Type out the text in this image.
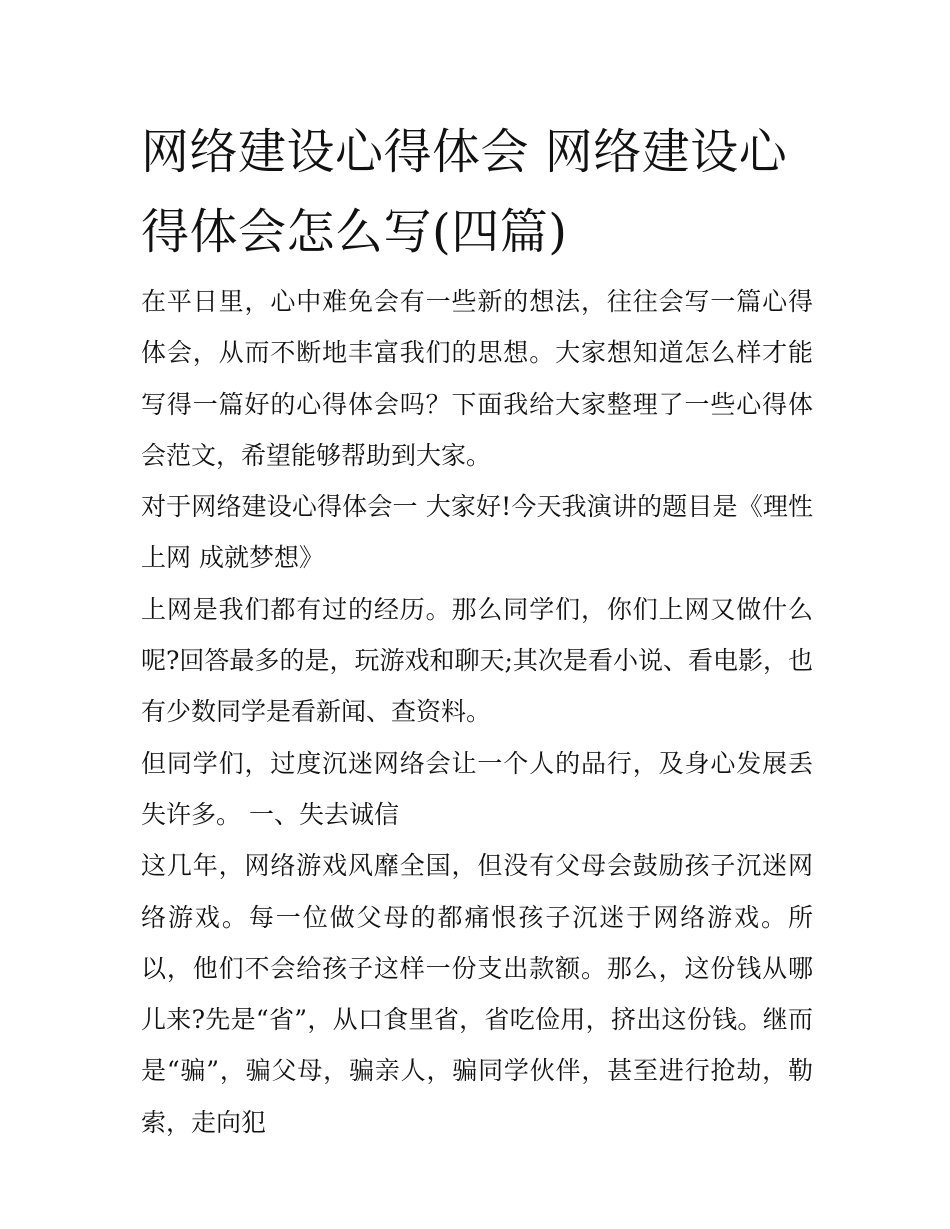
网络建设心得体会 网络建设心得体会怎么写(四篇)

在平日里，心中难免会有一些新的想法，往往会写一篇心得体会，从而不断地丰富我们的思想。大家想知道怎么样才能写得一篇好的心得体会吗？下面我给大家整理了一些心得体会范文，希望能够帮助到大家。

对于网络建设心得体会一 大家好!今天我演讲的题目是《理性上网 成就梦想》

上网是我们都有过的经历。那么同学们，你们上网又做什么呢?回答最多的是，玩游戏和聊天;其次是看小说、看电影，也有少数同学是看新闻、查资料。

但同学们，过度沉迷网络会让一个人的品行，及身心发展丢失许多。 一、失去诚信

这几年，网络游戏风靡全国，但没有父母会鼓励孩子沉迷网络游戏。每一位做父母的都痛恨孩子沉迷于网络游戏。所以，他们不会给孩子这样一份支出款额。那么，这份钱从哪儿来?先是“省”，从口食里省，省吃俭用，挤出这份钱。继而是“骗”，骗父母，骗亲人，骗同学伙伴，甚至进行抢劫，勒索，走向犯
